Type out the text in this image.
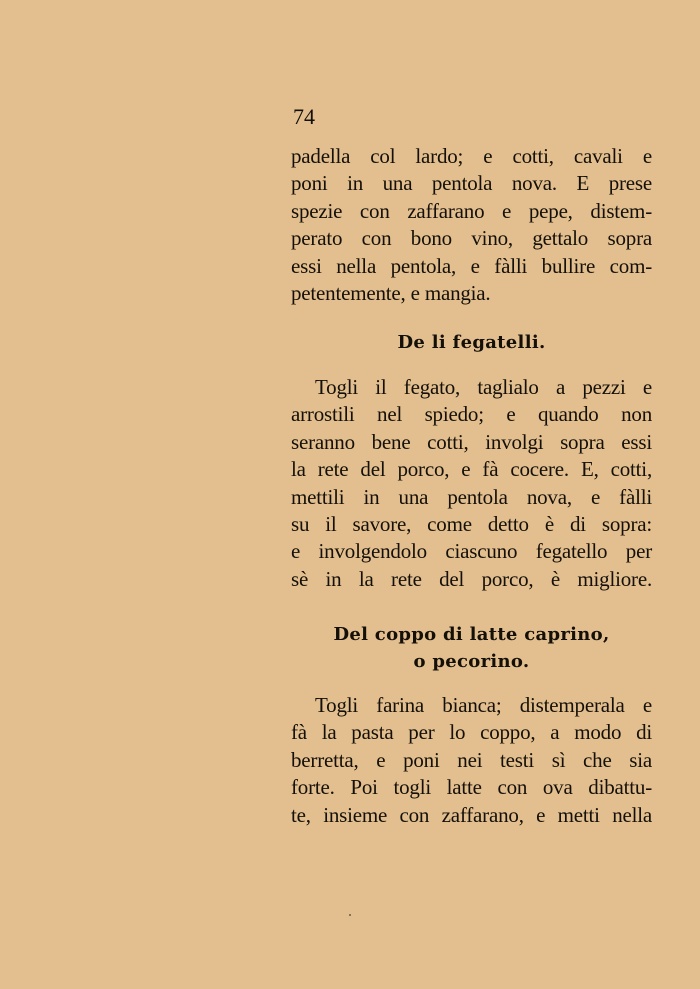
74
padella col lardo; e cotti, cavali e
poni in una pentola nova. E prese
spezie con zaffarano e pepe, distem-
perato con bono vino, gettalo sopra
essi nella pentola, e fàlli bullire com-
petentemente, e mangia.
De li fegatelli.
Togli il fegato, taglialo a pezzi e
arrostili nel spiedo; e quando non
seranno bene cotti, involgi sopra essi
la rete del porco, e fà cocere. E, cotti,
mettili in una pentola nova, e fàlli
su il savore, come detto è di sopra:
e involgendolo ciascuno fegatello per
sè in la rete del porco, è migliore.
Del coppo di latte caprino,
o pecorino.
Togli farina bianca; distemperala e
fà la pasta per lo coppo, a modo di
berretta, e poni nei testi sì che sia
forte. Poi togli latte con ova dibattu-
te, insieme con zaffarano, e metti nella
